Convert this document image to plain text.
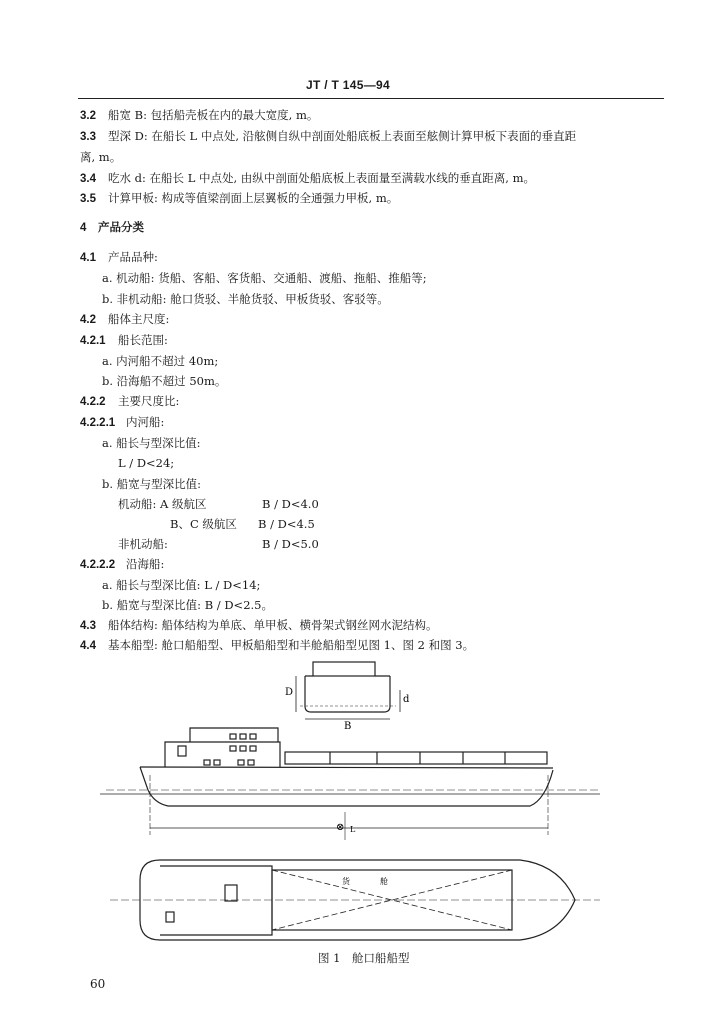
JT / T 145—94
3.2 船宽 B: 包括船壳板在内的最大宽度, m。
3.3 型深 D: 在船长 L 中点处, 沿舷侧自纵中剖面处船底板上表面至舷侧计算甲板下表面的垂直距
离, m。
3.4 吃水 d: 在船长 L 中点处, 由纵中剖面处船底板上表面量至满载水线的垂直距离, m。
3.5 计算甲板: 构成等值梁剖面上层翼板的全通强力甲板, m。
4 产品分类
4.1 产品品种:
a. 机动船: 货船、客船、客货船、交通船、渡船、拖船、推船等;
b. 非机动船: 舱口货驳、半舱货驳、甲板货驳、客驳等。
4.2 船体主尺度:
4.2.1 船长范围:
a. 内河船不超过 40m;
b. 沿海船不超过 50m。
4.2.2 主要尺度比:
4.2.2.1 内河船:
a. 船长与型深比值:
L / D<24;
b. 船宽与型深比值:
机动船: A 级航区	B / D<4.0
B、C 级航区 B / D<4.5
非机动船:	B / D<5.0
4.2.2.2 沿海船:
a. 船长与型深比值: L / D<14;
b. 船宽与型深比值: B / D<2.5。
4.3 船体结构: 船体结构为单底、单甲板、横骨架式钢丝网水泥结构。
4.4 基本船型: 舱口船船型、甲板船船型和半舱船船型见图 1、图 2 和图 3。
D
d
B
⊗ L
货	舱
图 1　舱口船船型
60
